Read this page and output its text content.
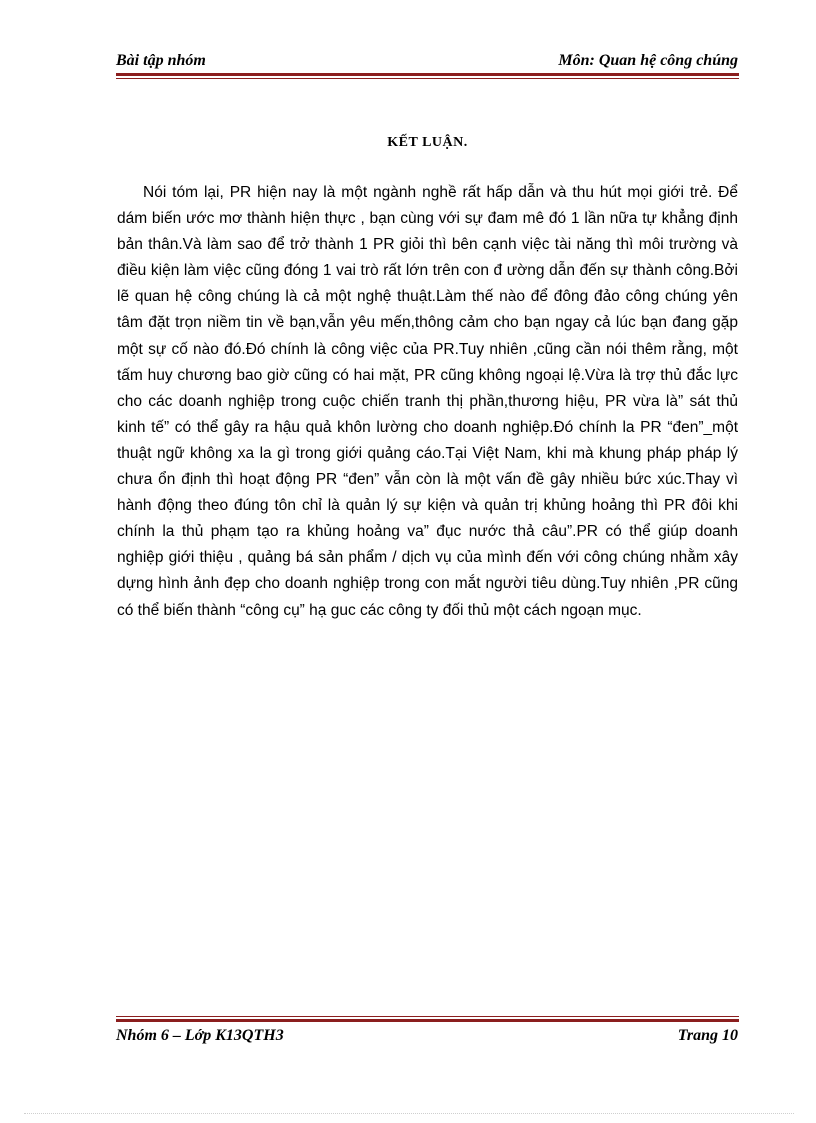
Bài tập nhóm	Môn: Quan hệ công chúng
KẾT LUẬN.

Nói tóm lại, PR hiện nay là một ngành nghề rất hấp dẫn và thu hút mọi giới trẻ. Để dám biến ước mơ thành hiện thực , bạn cùng với sự đam mê đó 1 lần nữa tự khẳng định bản thân.Và làm sao để trở thành 1 PR giỏi thì bên cạnh việc tài năng thì môi trường và điều kiện làm việc cũng đóng 1 vai trò rất lớn trên con đ ường dẫn đến sự thành công.Bởi lẽ quan hệ công chúng là cả một nghệ thuật.Làm thế nào để đông đảo công chúng yên tâm đặt trọn niềm tin về bạn,vẫn yêu mến,thông cảm cho bạn ngay cả lúc bạn đang gặp một sự cố nào đó.Đó chính là công việc của PR.Tuy nhiên ,cũng cần nói thêm rằng, một tấm huy chương bao giờ cũng có hai mặt, PR cũng không ngoại lệ.Vừa là trợ thủ đắc lực cho các doanh nghiệp trong cuộc chiến tranh thị phần,thương hiệu, PR vừa là” sát thủ kinh tế” có thể gây ra hậu quả khôn lường cho doanh nghiệp.Đó chính la PR “đen”_một thuật ngữ không xa la gì trong giới quảng cáo.Tại Việt Nam, khi mà khung pháp pháp lý chưa ổn định thì hoạt động PR “đen” vẫn còn là một vấn đề gây nhiều bức xúc.Thay vì hành động theo đúng tôn chỉ là quản lý sự kiện và quản trị khủng hoảng thì PR đôi khi chính la thủ phạm tạo ra khủng hoảng va” đục nước thả câu”.PR có thể giúp doanh nghiệp giới thiệu , quảng bá sản phẩm / dịch vụ của mình đến với công chúng nhằm xây dựng hình ảnh đẹp cho doanh nghiệp trong con mắt người tiêu dùng.Tuy nhiên ,PR cũng có thể biến thành “công cụ” hạ guc các công ty đối thủ một cách ngoạn mục.

Nhóm 6 – Lớp K13QTH3	Trang 10
